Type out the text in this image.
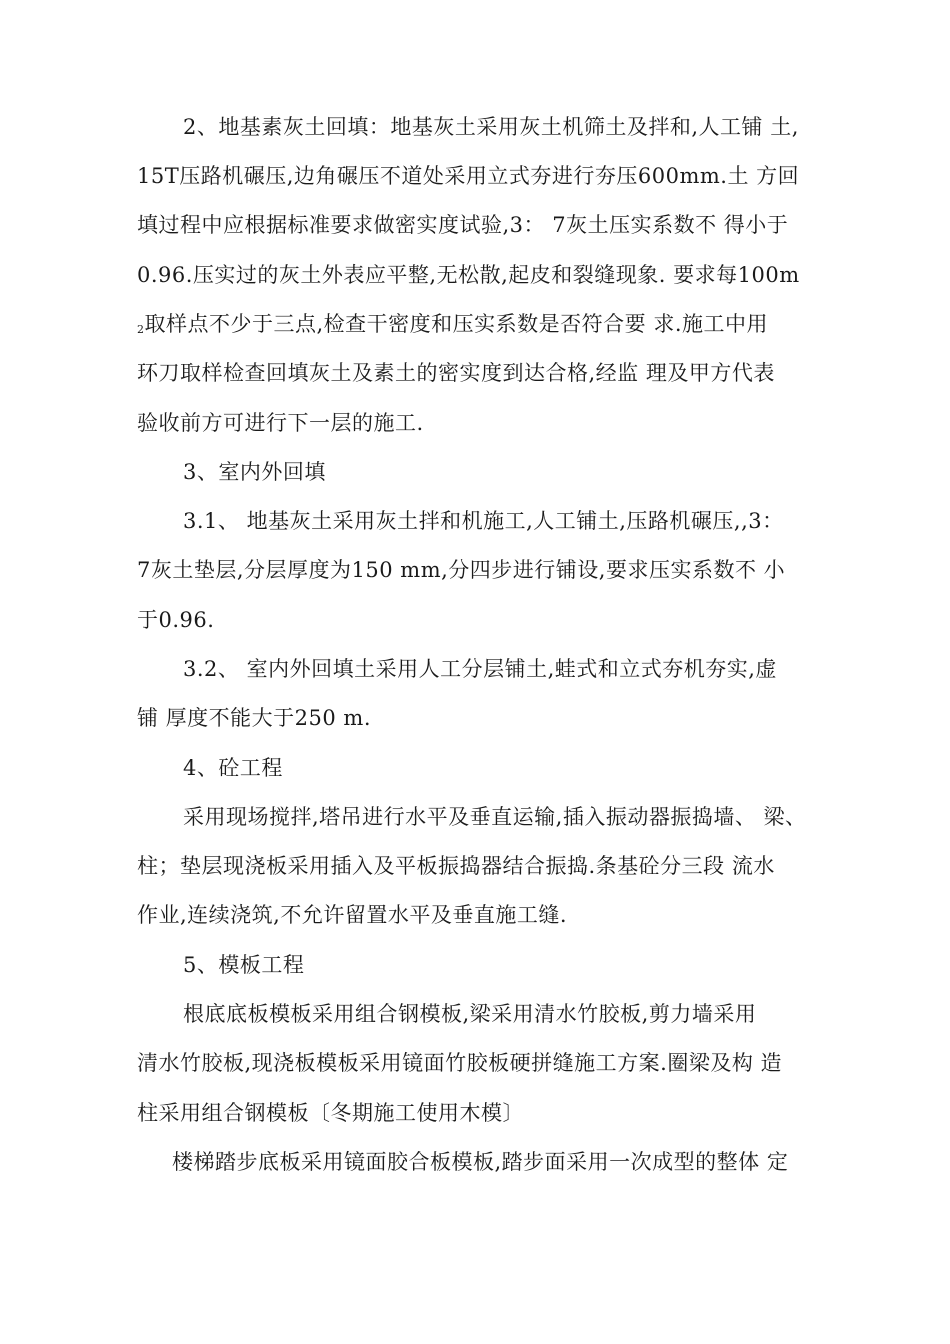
2、地基素灰土回填：地基灰土采用灰土机筛土及拌和,人工铺 土,
15T压路机碾压,边角碾压不道处采用立式夯进行夯压600mm.土 方回
填过程中应根据标准要求做密实度试验,3： 7灰土压实系数不 得小于
0.96.压实过的灰土外表应平整,无松散,起皮和裂缝现象. 要求每100m
2取样点不少于三点,检查干密度和压实系数是否符合要 求.施工中用
环刀取样检查回填灰土及素土的密实度到达合格,经监 理及甲方代表
验收前方可进行下一层的施工.
3、室内外回填
3.1、 地基灰土采用灰土拌和机施工,人工铺土,压路机碾压,,3：
7灰土垫层,分层厚度为150 mm,分四步进行铺设,要求压实系数不 小
于0.96.
3.2、 室内外回填土采用人工分层铺土,蛙式和立式夯机夯实,虚
铺 厚度不能大于250 m.
4、砼工程
采用现场搅拌,塔吊进行水平及垂直运输,插入振动器振捣墙、 梁、
柱；垫层现浇板采用插入及平板振捣器结合振捣.条基砼分三段 流水
作业,连续浇筑,不允许留置水平及垂直施工缝.
5、模板工程
根底底板模板采用组合钢模板,梁采用清水竹胶板,剪力墙采用
清水竹胶板,现浇板模板采用镜面竹胶板硬拼缝施工方案.圈梁及构 造
柱采用组合钢模板〔冬期施工使用木模〕
楼梯踏步底板采用镜面胶合板模板,踏步面采用一次成型的整体 定
